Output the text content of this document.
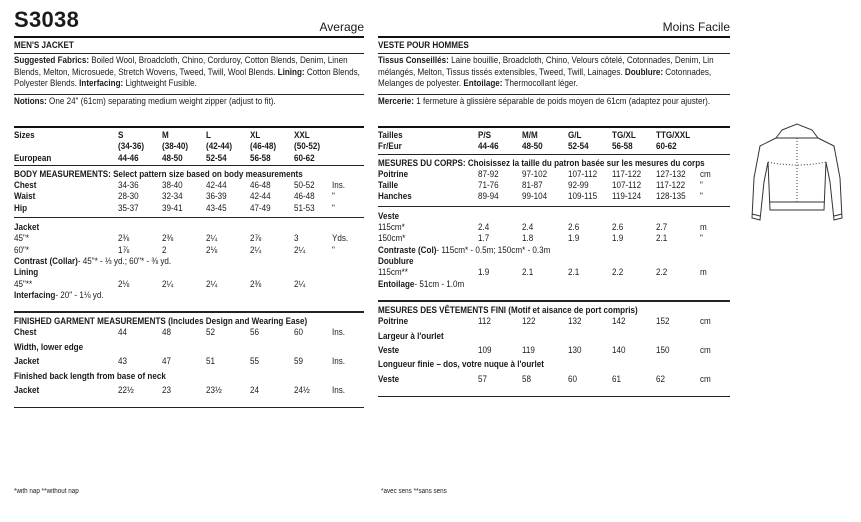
S3038	Average
MEN'S JACKET
Suggested Fabrics: Boiled Wool, Broadcloth, Chino, Corduroy, Cotton Blends, Denim, Linen Blends, Melton, Microsuede, Stretch Wovens, Tweed, Twill, Wool Blends. Lining: Cotton Blends, Polyester Blends. Interfacing: Lightweight Fusible.
Notions: One 24" (61cm) separating medium weight zipper (adjust to fit).
Sizes	S	M	L	XL	XXL
(34-36) (38-40) (42-44) (46-48) (50-52)
European	44-46	48-50	52-54	56-58	60-62
BODY MEASUREMENTS: Select pattern size based on body measurements
Chest	34-36	38-40	42-44	46-48	50-52 Ins.
Waist	28-30	32-34	36-39	42-44	46-48 "
Hip	35-37	39-41	43-45	47-49	51-53 "
Jacket
45"*	2⅜	2⅜	2¼	2⅞	3	Yds.
60"*	1⅞	2	2⅛	2¼	2¼	"
Contrast (Collar)- 45"* - ⅓ yd.; 60"* - ⅜ yd.
Lining
45"**	2⅛	2¼	2¼	2⅜	2¼
Interfacing- 20" - 1⅛ yd.
FINISHED GARMENT MEASUREMENTS (Includes Design and Wearing Ease)
Chest	44	48	52	56	60	Ins.
Width, lower edge
Jacket	43	47	51	55	59	Ins.
Finished back length from base of neck
Jacket	22½	23	23½	24	24½ Ins.
Moins Facile
VESTE POUR HOMMES
Tissus Conseillés: Laine bouillie, Broadcloth, Chino, Velours côtelé, Cotonnades, Denim, Lin mélangés, Melton, Tissus tissés extensibles, Tweed, Twill, Lainages. Doublure: Cotonnades, Melanges de polyester. Entoilage: Thermocollant léger.
Mercerie: 1 fermeture à glissière séparable de poids moyen de 61cm (adaptez pour ajuster).
Tailles	P/S	M/M	G/L	TG/XL TTG/XXL
Fr/Eur	44-46	48-50	52-54	56-58	60-62
MESURES DU CORPS: Choisissez la taille du patron basée sur les mesures du corps
Poitrine	87-92	97-102 107-112 117-122 127-132 cm
Taille	71-76	81-87	92-99	107-112 117-122 "
Hanches	89-94	99-104 109-115 119-124 128-135 "
Veste
115cm*	2.4	2.4	2.6	2.6	2.7	m
150cm*	1.7	1.8	1.9	1.9	2.1	"
Contraste (Col)- 115cm* - 0.5m; 150cm* - 0.3m
Doublure
115cm**	1.9	2.1	2.1	2.2	2.2	m
Entoilage- 51cm - 1.0m
MESURES DES VÊTEMENTS FINI (Motif et aisance de port compris)
Poitrine	112	122	132	142	152	cm
Largeur à l'ourlet
Veste	109	119	130	140	150	cm
Longueur finie – dos, votre nuque à l'ourlet
Veste	57	58	60	61	62	cm
*with nap **without nap	*avec sens **sans sens
